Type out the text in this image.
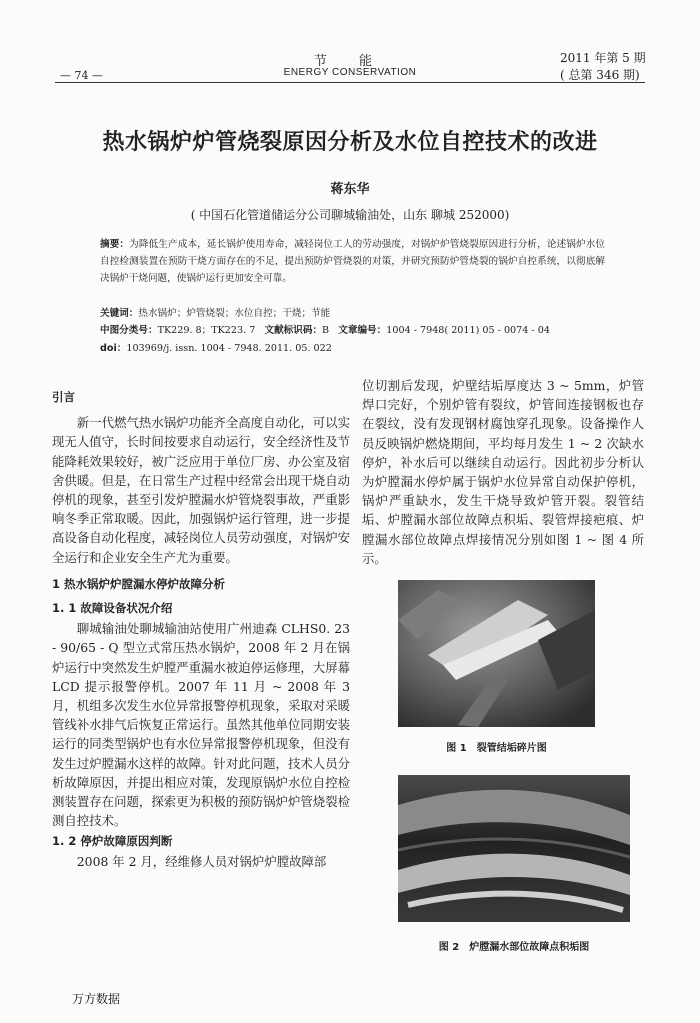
节 能
ENERGY CONSERVATION
— 74 —
2011 年第 5 期
( 总第 346 期)
热水锅炉炉管烧裂原因分析及水位自控技术的改进
蒋东华
( 中国石化管道储运分公司聊城输油处，山东 聊城 252000)
摘要：为降低生产成本，延长锅炉使用寿命，减轻岗位工人的劳动强度，对锅炉炉管烧裂原因进行分析，论述锅炉水位自控检测装置在预防干烧方面存在的不足，提出预防炉管烧裂的对策，并研究预防炉管烧裂的锅炉自控系统，以彻底解决锅炉干烧问题，使锅炉运行更加安全可靠。
关键词：热水锅炉；炉管烧裂；水位自控；干烧；节能
中图分类号：TK229. 8；TK223. 7 文献标识码：B 文章编号：1004 - 7948( 2011) 05 - 0074 - 04
doi：103969/j. issn. 1004 - 7948. 2011. 05. 022
引言

新一代燃气热水锅炉功能齐全高度自动化，可以实现无人值守，长时间按要求自动运行，安全经济性及节能降耗效果较好，被广泛应用于单位厂房、办公室及宿舍供暖。但是，在日常生产过程中经常会出现干烧自动停机的现象，甚至引发炉膛漏水炉管烧裂事故，严重影响冬季正常取暖。因此，加强锅炉运行管理，进一步提高设备自动化程度，减轻岗位人员劳动强度，对锅炉安全运行和企业安全生产尤为重要。

1 热水锅炉炉膛漏水停炉故障分析
1. 1 故障设备状况介绍

聊城输油处聊城输油站使用广州迪森 CLHS0. 23 - 90/65 - Q 型立式常压热水锅炉，2008 年 2 月在锅炉运行中突然发生炉膛严重漏水被迫停运修理，大屏幕 LCD 提示报警停机。2007 年 11 月 ~ 2008 年 3 月，机组多次发生水位异常报警停机现象，采取对采暖管线补水排气后恢复正常运行。虽然其他单位同期安装运行的同类型锅炉也有水位异常报警停机现象，但没有发生过炉膛漏水这样的故障。针对此问题，技术人员分析故障原因，并提出相应对策，发现原锅炉水位自控检测装置存在问题，探索更为积极的预防锅炉炉管烧裂检测自控技术。

1. 2 停炉故障原因判断

2008 年 2 月，经维修人员对锅炉炉膛故障部

位切割后发现，炉壁结垢厚度达 3 ~ 5mm，炉管焊口完好，个别炉管有裂纹，炉管间连接钢板也存在裂纹，没有发现钢材腐蚀穿孔现象。设备操作人员反映锅炉燃烧期间，平均每月发生 1 ~ 2 次缺水停炉，补水后可以继续自动运行。因此初步分析认为炉膛漏水停炉属于锅炉水位异常自动保护停机，锅炉严重缺水，发生干烧导致炉管开裂。裂管结垢、炉膛漏水部位故障点积垢、裂管焊接疤痕、炉膛漏水部位故障点焊接情况分别如图 1 ~ 图 4 所示。

图 1　裂管结垢碎片图
图 2　炉膛漏水部位故障点积垢图
万方数据
